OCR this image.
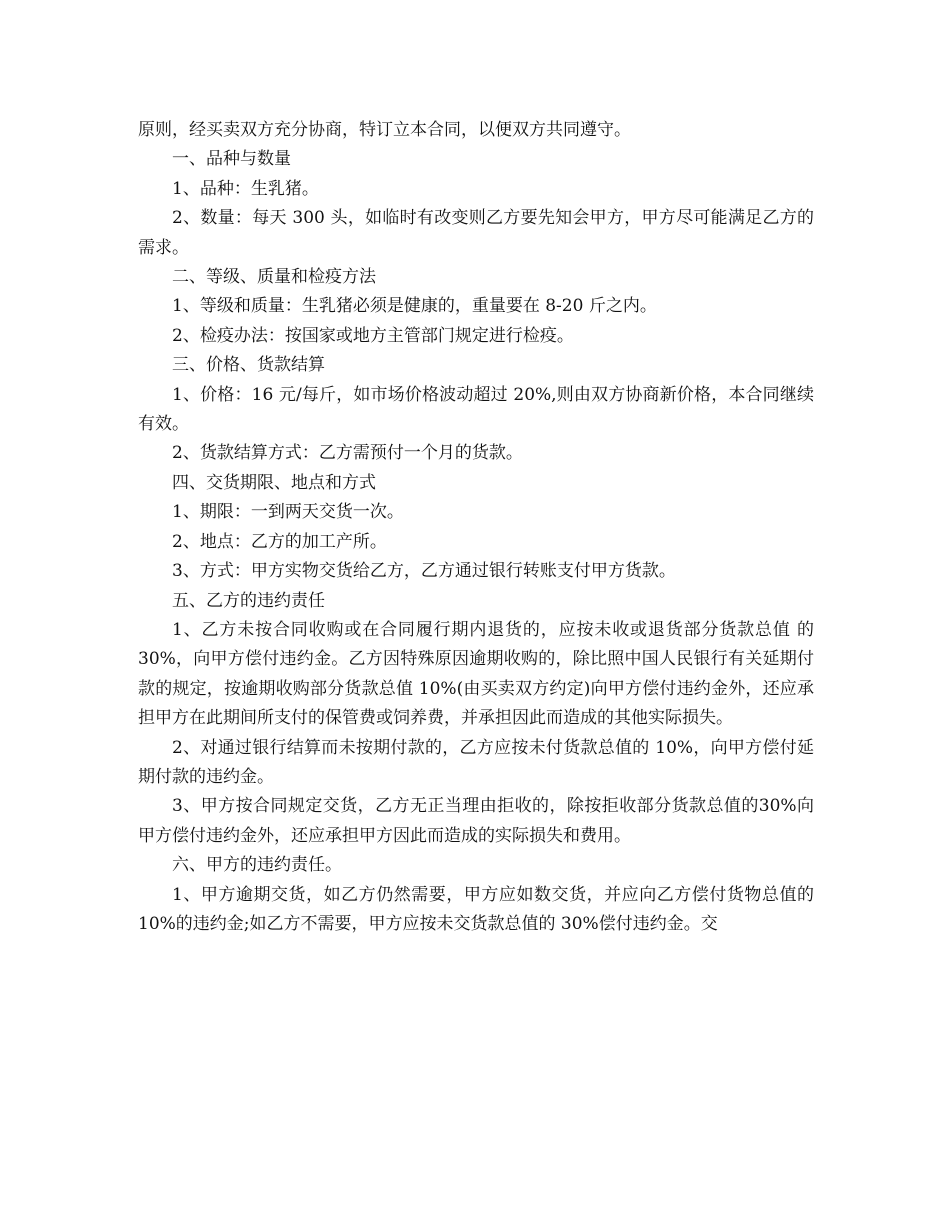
原则，经买卖双方充分协商，特订立本合同，以便双方共同遵守。

一、品种与数量

1、品种：生乳猪。

2、数量：每天 300 头，如临时有改变则乙方要先知会甲方，甲方尽可能满足乙方的需求。

二、等级、质量和检疫方法

1、等级和质量：生乳猪必须是健康的，重量要在 8-20 斤之内。

2、检疫办法：按国家或地方主管部门规定进行检疫。

三、价格、货款结算

1、价格：16 元/每斤，如市场价格波动超过 20%,则由双方协商新价格，本合同继续有效。

2、货款结算方式：乙方需预付一个月的货款。

四、交货期限、地点和方式

1、期限：一到两天交货一次。

2、地点：乙方的加工产所。

3、方式：甲方实物交货给乙方，乙方通过银行转账支付甲方货款。

五、乙方的违约责任

1、乙方未按合同收购或在合同履行期内退货的，应按未收或退货部分货款总值 的 30%，向甲方偿付违约金。乙方因特殊原因逾期收购的，除比照中国人民银行有关延期付款的规定，按逾期收购部分货款总值 10%(由买卖双方约定)向甲方偿付违约金外，还应承担甲方在此期间所支付的保管费或饲养费，并承担因此而造成的其他实际损失。

2、对通过银行结算而未按期付款的，乙方应按未付货款总值的 10%，向甲方偿付延期付款的违约金。

3、甲方按合同规定交货，乙方无正当理由拒收的，除按拒收部分货款总值的30%向甲方偿付违约金外，还应承担甲方因此而造成的实际损失和费用。

六、甲方的违约责任。

1、甲方逾期交货，如乙方仍然需要，甲方应如数交货，并应向乙方偿付货物总值的 10%的违约金;如乙方不需要，甲方应按未交货款总值的 30%偿付违约金。交
